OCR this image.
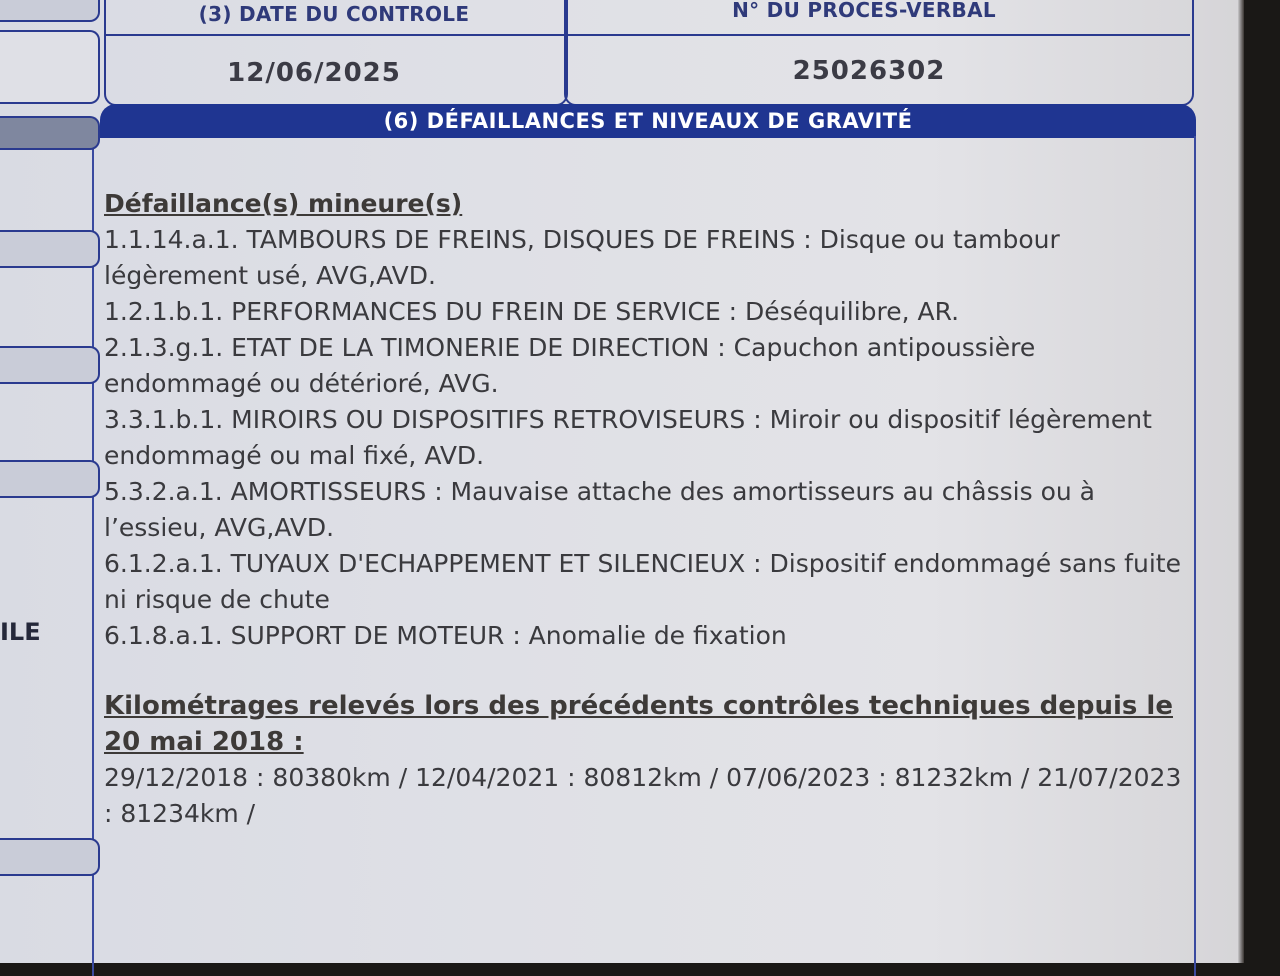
(3) DATE DU CONTROLE
12/06/2025
N° DU PROCES-VERBAL
25026302
(6) DÉFAILLANCES ET NIVEAUX DE GRAVITÉ
ILE
Défaillance(s) mineure(s)
1.1.14.a.1. TAMBOURS DE FREINS, DISQUES DE FREINS : Disque ou tambour légèrement usé, AVG,AVD.
1.2.1.b.1. PERFORMANCES DU FREIN DE SERVICE : Déséquilibre, AR.
2.1.3.g.1. ETAT DE LA TIMONERIE DE DIRECTION : Capuchon antipoussière endommagé ou détérioré, AVG.
3.3.1.b.1. MIROIRS OU DISPOSITIFS RETROVISEURS : Miroir ou dispositif légèrement endommagé ou mal fixé, AVD.
5.3.2.a.1. AMORTISSEURS : Mauvaise attache des amortisseurs au châssis ou à l’essieu, AVG,AVD.
6.1.2.a.1. TUYAUX D'ECHAPPEMENT ET SILENCIEUX : Dispositif endommagé sans fuite ni risque de chute
6.1.8.a.1. SUPPORT DE MOTEUR : Anomalie de fixation
Kilométrages relevés lors des précédents contrôles techniques depuis le 20 mai 2018 :
29/12/2018 : 80380km / 12/04/2021 : 80812km / 07/06/2023 : 81232km / 21/07/2023 : 81234km /
